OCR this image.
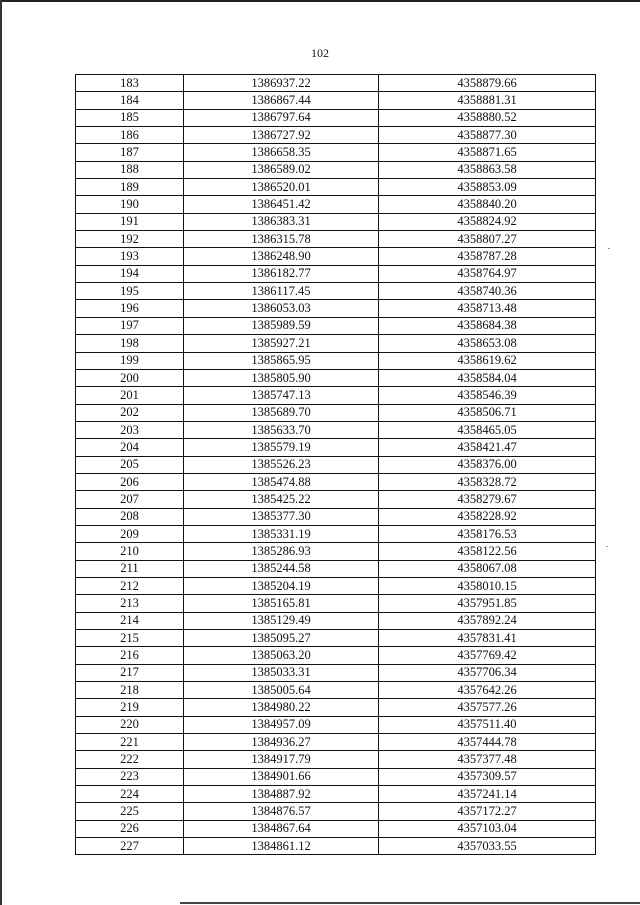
102
183	1386937.22	4358879.66
184	1386867.44	4358881.31
185	1386797.64	4358880.52
186	1386727.92	4358877.30
187	1386658.35	4358871.65
188	1386589.02	4358863.58
189	1386520.01	4358853.09
190	1386451.42	4358840.20
191	1386383.31	4358824.92
192	1386315.78	4358807.27
193	1386248.90	4358787.28
194	1386182.77	4358764.97
195	1386117.45	4358740.36
196	1386053.03	4358713.48
197	1385989.59	4358684.38
198	1385927.21	4358653.08
199	1385865.95	4358619.62
200	1385805.90	4358584.04
201	1385747.13	4358546.39
202	1385689.70	4358506.71
203	1385633.70	4358465.05
204	1385579.19	4358421.47
205	1385526.23	4358376.00
206	1385474.88	4358328.72
207	1385425.22	4358279.67
208	1385377.30	4358228.92
209	1385331.19	4358176.53
210	1385286.93	4358122.56
211	1385244.58	4358067.08
212	1385204.19	4358010.15
213	1385165.81	4357951.85
214	1385129.49	4357892.24
215	1385095.27	4357831.41
216	1385063.20	4357769.42
217	1385033.31	4357706.34
218	1385005.64	4357642.26
219	1384980.22	4357577.26
220	1384957.09	4357511.40
221	1384936.27	4357444.78
222	1384917.79	4357377.48
223	1384901.66	4357309.57
224	1384887.92	4357241.14
225	1384876.57	4357172.27
226	1384867.64	4357103.04
227	1384861.12	4357033.55
